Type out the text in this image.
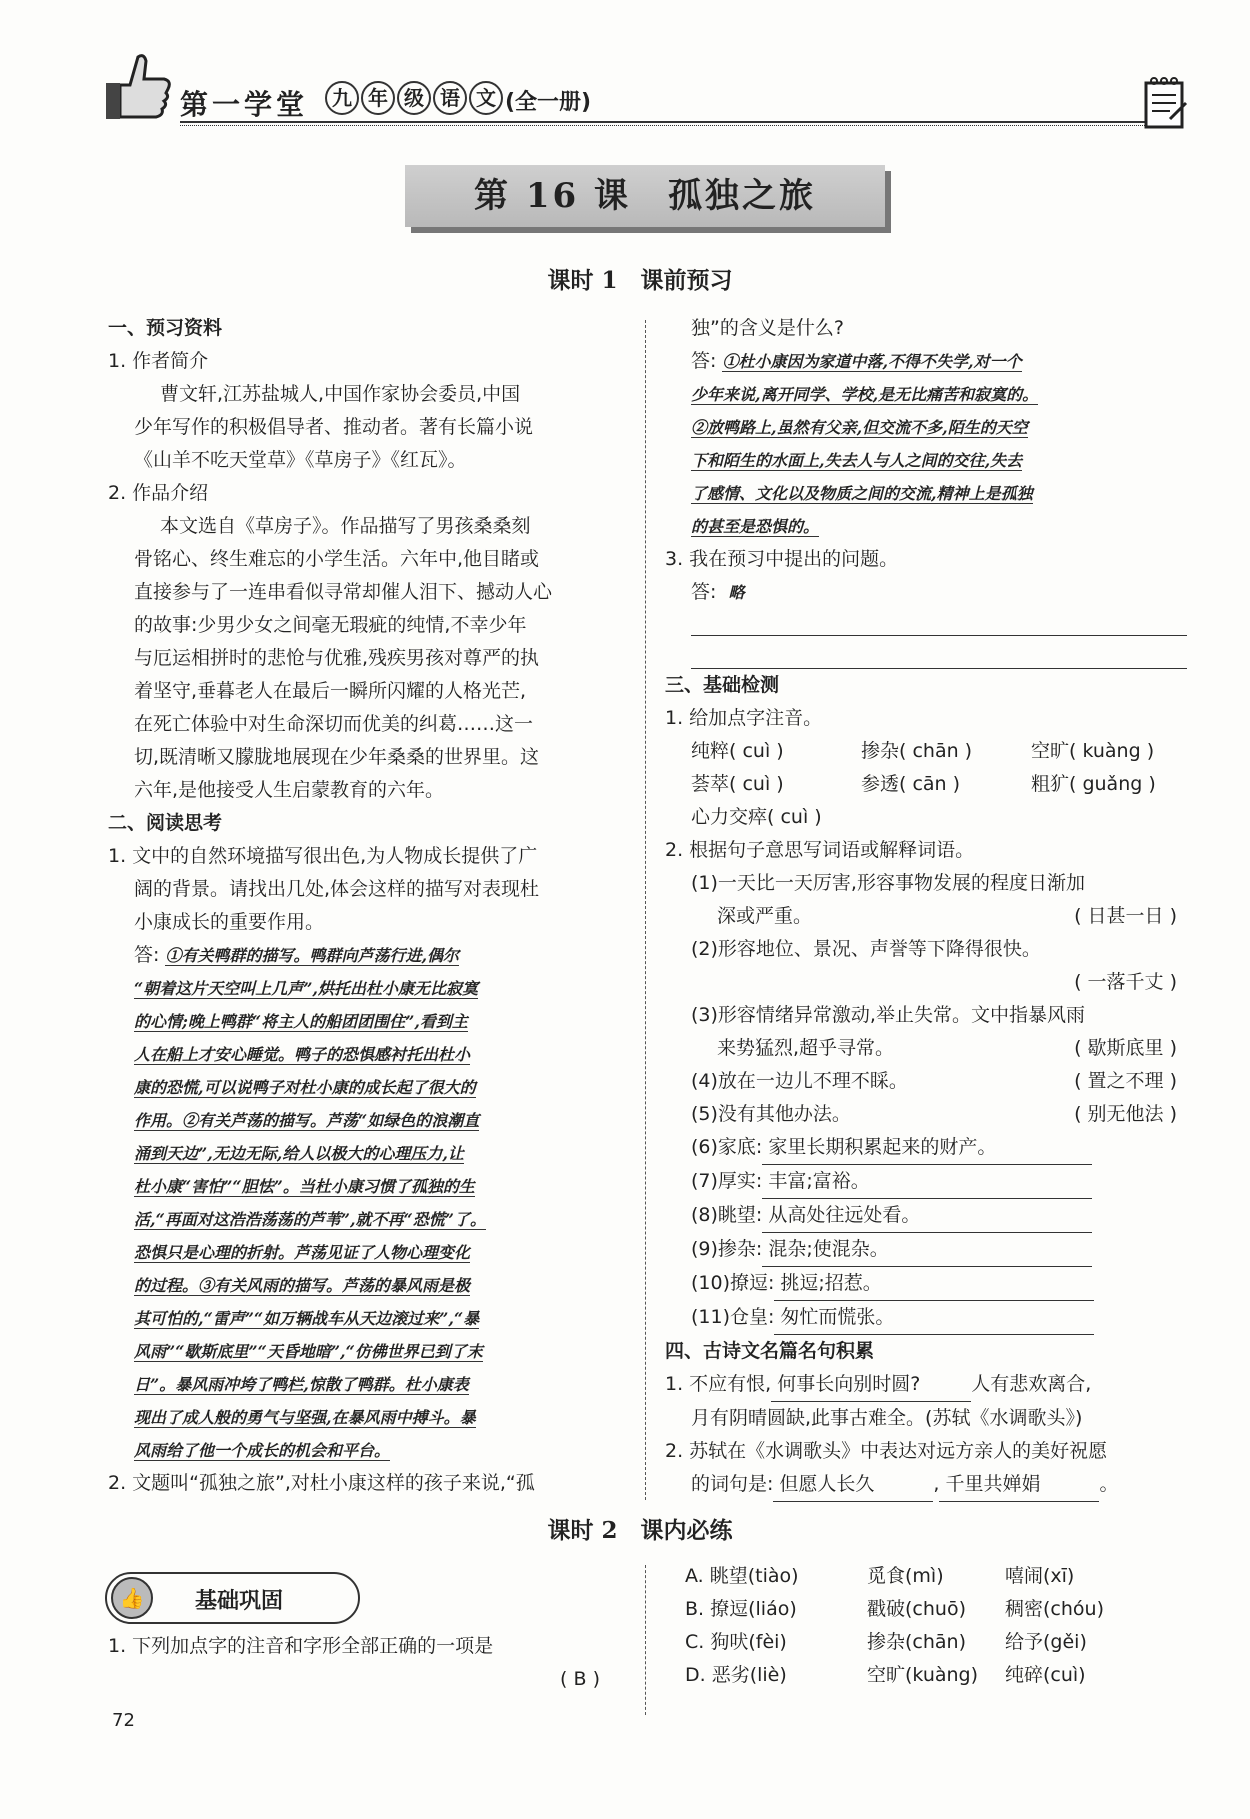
第一学堂	九 年 级 语 文 (全一册)
第 16 课　孤独之旅
课时 1　课前预习

一、预习资料

1. 作者简介

曹文轩,江苏盐城人,中国作家协会委员,中国

少年写作的积极倡导者、推动者。著有长篇小说

《山羊不吃天堂草》《草房子》《红瓦》。

2. 作品介绍

本文选自《草房子》。作品描写了男孩桑桑刻

骨铭心、终生难忘的小学生活。六年中,他目睹或

直接参与了一连串看似寻常却催人泪下、撼动人心

的故事:少男少女之间毫无瑕疵的纯情,不幸少年

与厄运相拼时的悲怆与优雅,残疾男孩对尊严的执

着坚守,垂暮老人在最后一瞬所闪耀的人格光芒,

在死亡体验中对生命深切而优美的纠葛……这一

切,既清晰又朦胧地展现在少年桑桑的世界里。这

六年,是他接受人生启蒙教育的六年。

二、阅读思考

1. 文中的自然环境描写很出色,为人物成长提供了广

阔的背景。请找出几处,体会这样的描写对表现杜

小康成长的重要作用。

答: ①有关鸭群的描写。鸭群向芦荡行进,偶尔

“朝着这片天空叫上几声”,烘托出杜小康无比寂寞

的心情;晚上鸭群“将主人的船团团围住”,看到主

人在船上才安心睡觉。鸭子的恐惧感衬托出杜小

康的恐慌,可以说鸭子对杜小康的成长起了很大的

作用。②有关芦荡的描写。芦荡“如绿色的浪潮直

涌到天边”,无边无际,给人以极大的心理压力,让

杜小康“害怕”“胆怯”。当杜小康习惯了孤独的生

活,“再面对这浩浩荡荡的芦苇”,就不再“恐慌”了。

恐惧只是心理的折射。芦荡见证了人物心理变化

的过程。③有关风雨的描写。芦荡的暴风雨是极

其可怕的,“雷声”“如万辆战车从天边滚过来”,“暴

风雨”“歇斯底里”“天昏地暗”,“仿佛世界已到了末

日”。暴风雨冲垮了鸭栏,惊散了鸭群。杜小康表

现出了成人般的勇气与坚强,在暴风雨中搏斗。暴

风雨给了他一个成长的机会和平台。

2. 文题叫“孤独之旅”,对杜小康这样的孩子来说,“孤

独”的含义是什么?

答: ①杜小康因为家道中落,不得不失学,对一个

少年来说,离开同学、学校,是无比痛苦和寂寞的。

②放鸭路上,虽然有父亲,但交流不多,陌生的天空

下和陌生的水面上,失去人与人之间的交往,失去

了感情、文化以及物质之间的交流,精神上是孤独

的甚至是恐惧的。

3. 我在预习中提出的问题。

答: 略

三、基础检测

1. 给加点字注音。

纯粹( cuì )	掺杂( chān )	空旷( kuàng )

荟萃( cuì )	参透( cān )	粗犷( guǎng )

心力交瘁( cuì )

2. 根据句子意思写词语或解释词语。

(1)一天比一天厉害,形容事物发展的程度日渐加

深或严重。	( 日甚一日 )

(2)形容地位、景况、声誉等下降得很快。

( 一落千丈 )

(3)形容情绪异常激动,举止失常。文中指暴风雨

来势猛烈,超乎寻常。	( 歇斯底里 )

(4)放在一边儿不理不睬。	( 置之不理 )

(5)没有其他办法。	( 别无他法 )

(6)家底: 家里长期积累起来的财产。

(7)厚实: 丰富;富裕。

(8)眺望: 从高处往远处看。

(9)掺杂: 混杂;使混杂。

(10)撩逗: 挑逗;招惹。

(11)仓皇: 匆忙而慌张。

四、古诗文名篇名句积累

1. 不应有恨, 何事长向别时圆?	人有悲欢离合,

月有阴晴圆缺,此事古难全。(苏轼《水调歌头》)

2. 苏轼在《水调歌头》中表达对远方亲人的美好祝愿

的词句是: 但愿人长久	, 千里共婵娟	。

课时 2　课内必练
👍	基础巩固

1. 下列加点字的注音和字形全部正确的一项是

( B )

A. 眺望(tiào)	觅食(mì)	嘻闹(xī)

B. 撩逗(liáo)	戳破(chuō) 稠密(chóu)

C. 狗吠(fèi)	掺杂(chān) 给予(gěi)

D. 恶劣(liè)	空旷(kuàng) 纯碎(cuì)

72
